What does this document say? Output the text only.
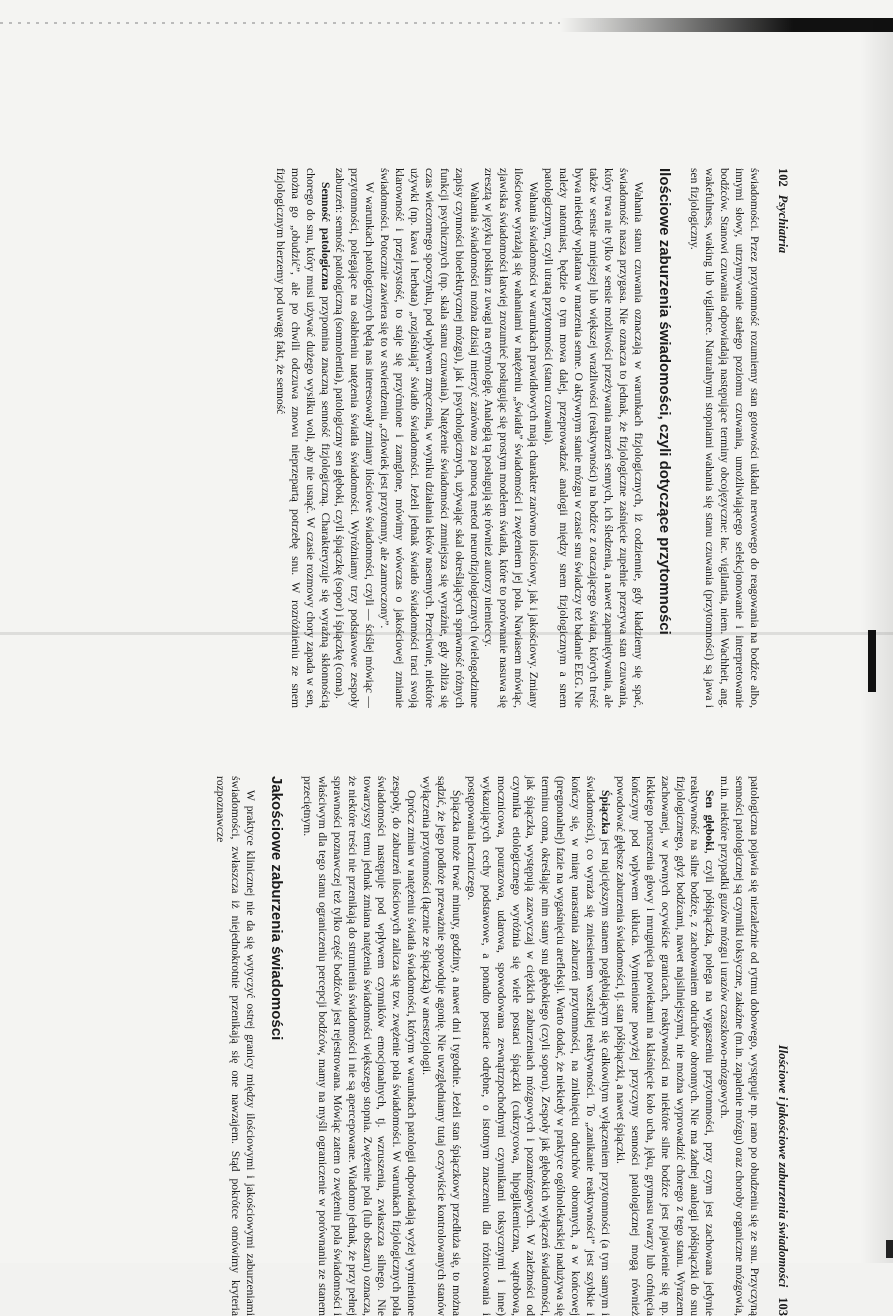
102Psychiatria

świadomości. Przez przytomność rozumiemy stan gotowości układu nerwowego do reagowania na bodźce albo, innymi słowy, utrzymywanie stałego poziomu czuwania, umożliwiającego selekcjonowanie i interpretowanie bodźców. Stanowi czuwania odpowiadają następujące terminy obcojęzyczne: łac. vigilantia, niem. Wachheit, ang. wakefulness, waking lub vigilance. Naturalnymi stopniami wahania się stanu czuwania (przytomności) są jawa i sen fizjologiczny.

Ilościowe zaburzenia świadomości, czyli dotyczące przytomności

Wahania stanu czuwania oznaczają w warunkach fizjologicznych, iż codziennie, gdy kładziemy się spać, świadomość nasza przygasa. Nie oznacza to jednak, że fizjologiczne zaśnięcie zupełnie przerywa stan czuwania, który trwa nie tylko w sensie możliwości przeżywania marzeń sennych, ich śledzenia, a nawet zapamiętywania, ale także w sensie mniejszej lub większej wrażliwości (reaktywności) na bodźce z otaczającego świata, których treść bywa niekiedy wplatana w marzenia senne. O aktywnym stanie mózgu w czasie snu świadczy też badanie EEG. Nie należy natomiast, będzie o tym mowa dalej, przeprowadzać analogii między snem fizjologicznym a snem patologicznym, czyli utratą przytomności (stanu czuwania).

Wahania świadomości w warunkach prawidłowych mają charakter zarówno ilościowy, jak i jakościowy. Zmiany ilościowe wyrażają się wahaniami w natężeniu „światła” świadomości i zwężeniem jej pola. Nawiasem mówiąc, zjawiska świadomości łatwiej zrozumieć posługując się prostym modelem światła, które to porównanie nasuwa się zresztą w języku polskim z uwagi na etymologię. Analogią tą posługują się również autorzy niemieccy.

Wahania świadomości można dzisiaj mierzyć zarówno za pomocą metod neurofizjologicznych (wielogodzinne zapisy czynności bioelektrycznej mózgu), jak i psychologicznych, używając skal określających sprawność różnych funkcji psychicznych (np. skala stanu czuwania). Natężenie świadomości zmniejsza się wyraźnie, gdy zbliża się czas wieczornego spoczynku, pod wpływem zmęczenia, w wyniku działania leków nasennych. Przeciwnie, niektóre używki (np. kawa i herbata) „rozjaśniają” światło świadomości. Jeżeli jednak światło świadomości traci swoją klarowność i przejrzystość, to staje się przyćmione i zamglone, mówimy wówczas o jakościowej zmianie świadomości. Potocznie zawiera się to w stwierdzeniu „człowiek jest przytomny, ale zamroczony”.

W warunkach patologicznych będą nas interesowały zmiany ilościowe świadomości, czyli — ściślej mówiąc — przytomności, polegające na osłabieniu natężenia światła świadomości. Wyróżniamy trzy podstawowe zespoły zaburzeń: senność patologiczną (somnolentia), patologiczny sen głęboki, czyli śpiączkę (sopor) i śpiączkę (coma).

Senność patologiczna przypomina znaczną senność fizjologiczną. Charakteryzuje się wyraźną skłonnością chorego do snu, który musi używać dużego wysiłku woli, aby nie usnąć. W czasie rozmowy chory zapada w sen, można go „obudzić”, ale po chwili odczuwa znowu nieprzepartą potrzebę snu. W rozróżnieniu ze snem fizjologicznym bierzemy pod uwagę fakt, że senność

Ilościowe i jakościowe zaburzenia świadomości103

patologiczna pojawia się niezależnie od rytmu dobowego, występuje np. rano po obudzeniu się ze snu. Przyczyną senności patologicznej są czynniki toksyczne, zakaźne (m.in. zapalenie mózgu) oraz choroby organiczne mózgowia, m.in. niektóre przypadki guzów mózgu i urazów czaszkowo-mózgowych.

Sen głęboki, czyli półśpiączka, polega na wygaszeniu przytomności, przy czym jest zachowana jedynie reaktywność na silne bodźce, z zachowaniem odruchów obronnych. Nie ma żadnej analogii półśpiączki do snu fizjologicznego, gdyż bodźcami, nawet najsilniejszymi, nie można wyprowadzić chorego z tego stanu. Wyrazem zachowanej, w pewnych ocywiście granicach, reaktywności na niektóre silne bodźce jest pojawienie się np. lekkiego poruszenia głowy i mrugnięcia powiekami na klaśnięcie koło ucha, jęku, grymasu twarzy lub cofnięcia kończyny pod wpływem ukłucia. Wymienione powyżej przyczyny senności patologicznej mogą również powodować głębsze zaburzenia świadomości, tj. stan półśpiączki, a nawet śpiączki.

Śpiączka jest najcięższym stanem pogłębiającym się całkowitym wyłączeniem przytomności (a tym samym i świadomości), co wyraża się zniesieniem wszelkiej reaktywności. To „zanikanie reaktywności” jest szybkie i kończy się, w miarę narastania zaburzeń przytomności, na zniknięciu odruchów obronnych, a w końcowej (pregnonalnej) fazie na wygaśnięciu arefleksji. Warto dodać, że niekiedy w praktyce ogólnolekarskiej nadużywa się terminu coma, określając nim stany snu głębokiego (czyli soporu). Zespoły jak głębokich wyłączeń świadomości, jak śpiączka, występują zazwyczaj w ciężkich zaburzeniach mózgowych i pozamózgowych. W zależności od czynnika etiologicznego wyróżnia się wiele postaci śpiączki (cukrzycowa, hipoglikemiczna, wątrobowa, mocznicowa, pourazowa, udarowa, spowodowana zewnątrzpochodnymi czynnikami toksycznymi i inne) wykazujących cechy podstawowe, a ponadto postacie odrębne, o istotnym znaczeniu dla różnicowania i postępowania leczniczego.

Śpiączka może trwać minuty, godziny, a nawet dni i tygodnie. Jeżeli stan śpiączkowy przedłuża się, to można sądzić, że jego podłoże przeważnie spowoduje agonię. Nie uwzględniamy tutaj oczywiście kontrolowanych stanów wyłączenia przytomności (łącznie ze śpiączką) w anestezjologii.

Oprócz zmian w natężeniu światła świadomości, którym w warunkach patologii odpowiadają wyżej wymienione zespoły, do zaburzeń ilościowych zalicza się tzw. zwężenie pola świadomości. W warunkach fizjologicznych pola świadomości następuje pod wpływem czynników emocjonalnych, tj. wzruszenia, zwłaszcza silnego. Nie towarzyszy temu jednak zmiana natężenia świadomości większego stopnia. Zwężenie pola (lub obszaru) oznacza, że niektóre treści nie przenikają do strumienia świadomości i nie są apercepowane. Wiadomo jednak, że przy pełnej sprawności poznawczej też tylko część bodźców jest rejestrowana. Mówiąc zatem o zwężeniu pola świadomości i właściwym dla tego stanu ograniczeniu percepcji bodźców, mamy na myśli ograniczenie w porównaniu ze stanem przeciętnym.

Jakościowe zaburzenia świadomości

W praktyce klinicznej nie da się wytyczyć ostrej granicy między ilościowymi i jakościowymi zaburzeniami świadomości, zwłaszcza iż niejednokrotnie przenikają się one nawzajem. Stąd pokrótce omówimy kryteria rozpoznawcze
